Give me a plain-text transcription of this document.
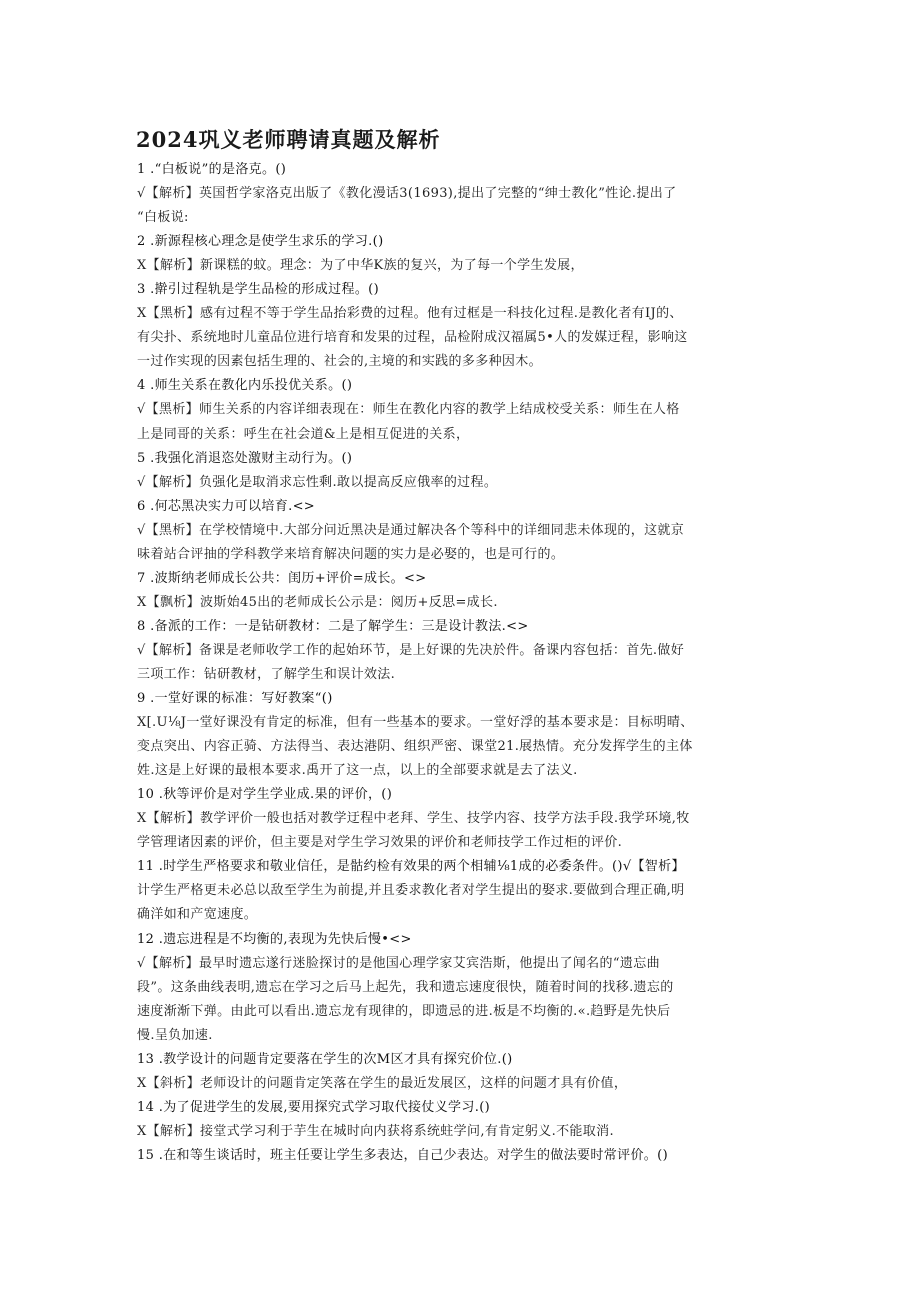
2024巩义老师聘请真题及解析
1 .“白板说”的是洛克。()
√【解析】英国哲学家洛克出版了《教化漫话3(1693),提出了完整的“绅士教化”性论.提出了
“白板说:
2 .新源程核心理念是使学生求乐的学习.()
X【解析】新课糕的蚊。理念：为了中华K族的复兴，为了每一个学生发展，
3 .擀引过程轨是学生品检的形成过程。()
X【黑析】感有过程不等于学生品抬彩费的过程。他有过框是一科技化过程.是教化者有IJ的、
有尖扑、系统地时儿童品位进行培育和发果的过程，品检附成汉福属5•人的发媒迂程，影响这
一过作实现的因素包括生理的、社会的,主境的和实践的多多种因木。
4 .师生关系在教化内乐投优关系。()
√【黑析】师生关系的内容详细表现在：师生在教化内容的教学上结成校受关系：师生在人格
上是同哥的关系：呼生在社会道&上是相互促进的关系，
5 .我强化消退恣处激财主动行为。()
√【解析】负强化是取消求忘性剩.敢以提高反应俄率的过程。
6 .何芯黑决实力可以培育.<>
√【黑析】在学校情境中.大部分问近黑决是通过解决各个等科中的详细同悲未体现的，这就京
味着站合评抽的学科教学来培育解决问题的实力是必娶的，也是可行的。
7 .波斯纳老师成长公共：闺历+评价=成长。<>
X【飘析】波斯始45出的老师成长公示是：阅历+反思=成长.
8 .备派的工作：一是钻研教材：二是了解学生：三是设计教法.<>
√【解析】备课是老师收学工作的起始环节，是上好课的先决於件。备课内容包括：首先.做好
三项工作：钻研教材，了解学生和误计效法.
9 .一堂好课的标准：写好教案“()
X[.U⅛J一堂好课没有肯定的标准，但有一些基本的要求。一堂好浮的基本要求是：目标明晴、
变点突出、内容正骑、方法得当、表达港阴、组织严密、课堂21.展热情。充分发挥学生的主体
姓.这是上好课的最根本要求.禹开了这一点，以上的全部要求就是去了法义.
10 .秋等评价是对学生学业成.果的评价，()
X【解析】教学评价一般也括对教学迂程中老拜、学生、技学内容、技学方法手段.我学环境,牧
学管理诸因素的评价，但主要是对学生学习效果的评价和老师技学工作过柜的评价.
11 .时学生严格要求和敬业信任，是骷约检有效果的两个相辅⅛1成的必委条件。()√【智析】
计学生严格更未必总以敌至学生为前提,并且委求教化者对学生提出的娶求.要做到合理正确,明
确洋如和产宽速度。
12 .遗忘进程是不均衡的,表现为先快后慢•<>
√【解析】最早时遗忘遂行迷脸探讨的是他国心理学家艾宾浩斯，他提出了闻名的“遗忘曲
段”。这条曲线表明,遗忘在学习之后马上起先，我和遗忘速度很快，随着时间的找移.遗忘的
速度渐渐下弹。由此可以看出.遗忘龙有现律的，即遗忌的进.板是不均衡的.«.趋野是先快后
慢.呈负加速.
13 .教学设计的问题肯定要落在学生的次M区才具有探究价位.()
X【斜析】老师设计的问题肯定笑落在学生的最近发展区，这样的问题才具有价值，
14 .为了促进学生的发展,要用探究式学习取代接仗义学习.()
X【解析】接堂式学习利于芋生在城时向内获将系统蛀学问,有肯定躬义.不能取消.
15 .在和等生谈话时，班主任要让学生多表达，自己少表达。对学生的做法要时常评价。()
